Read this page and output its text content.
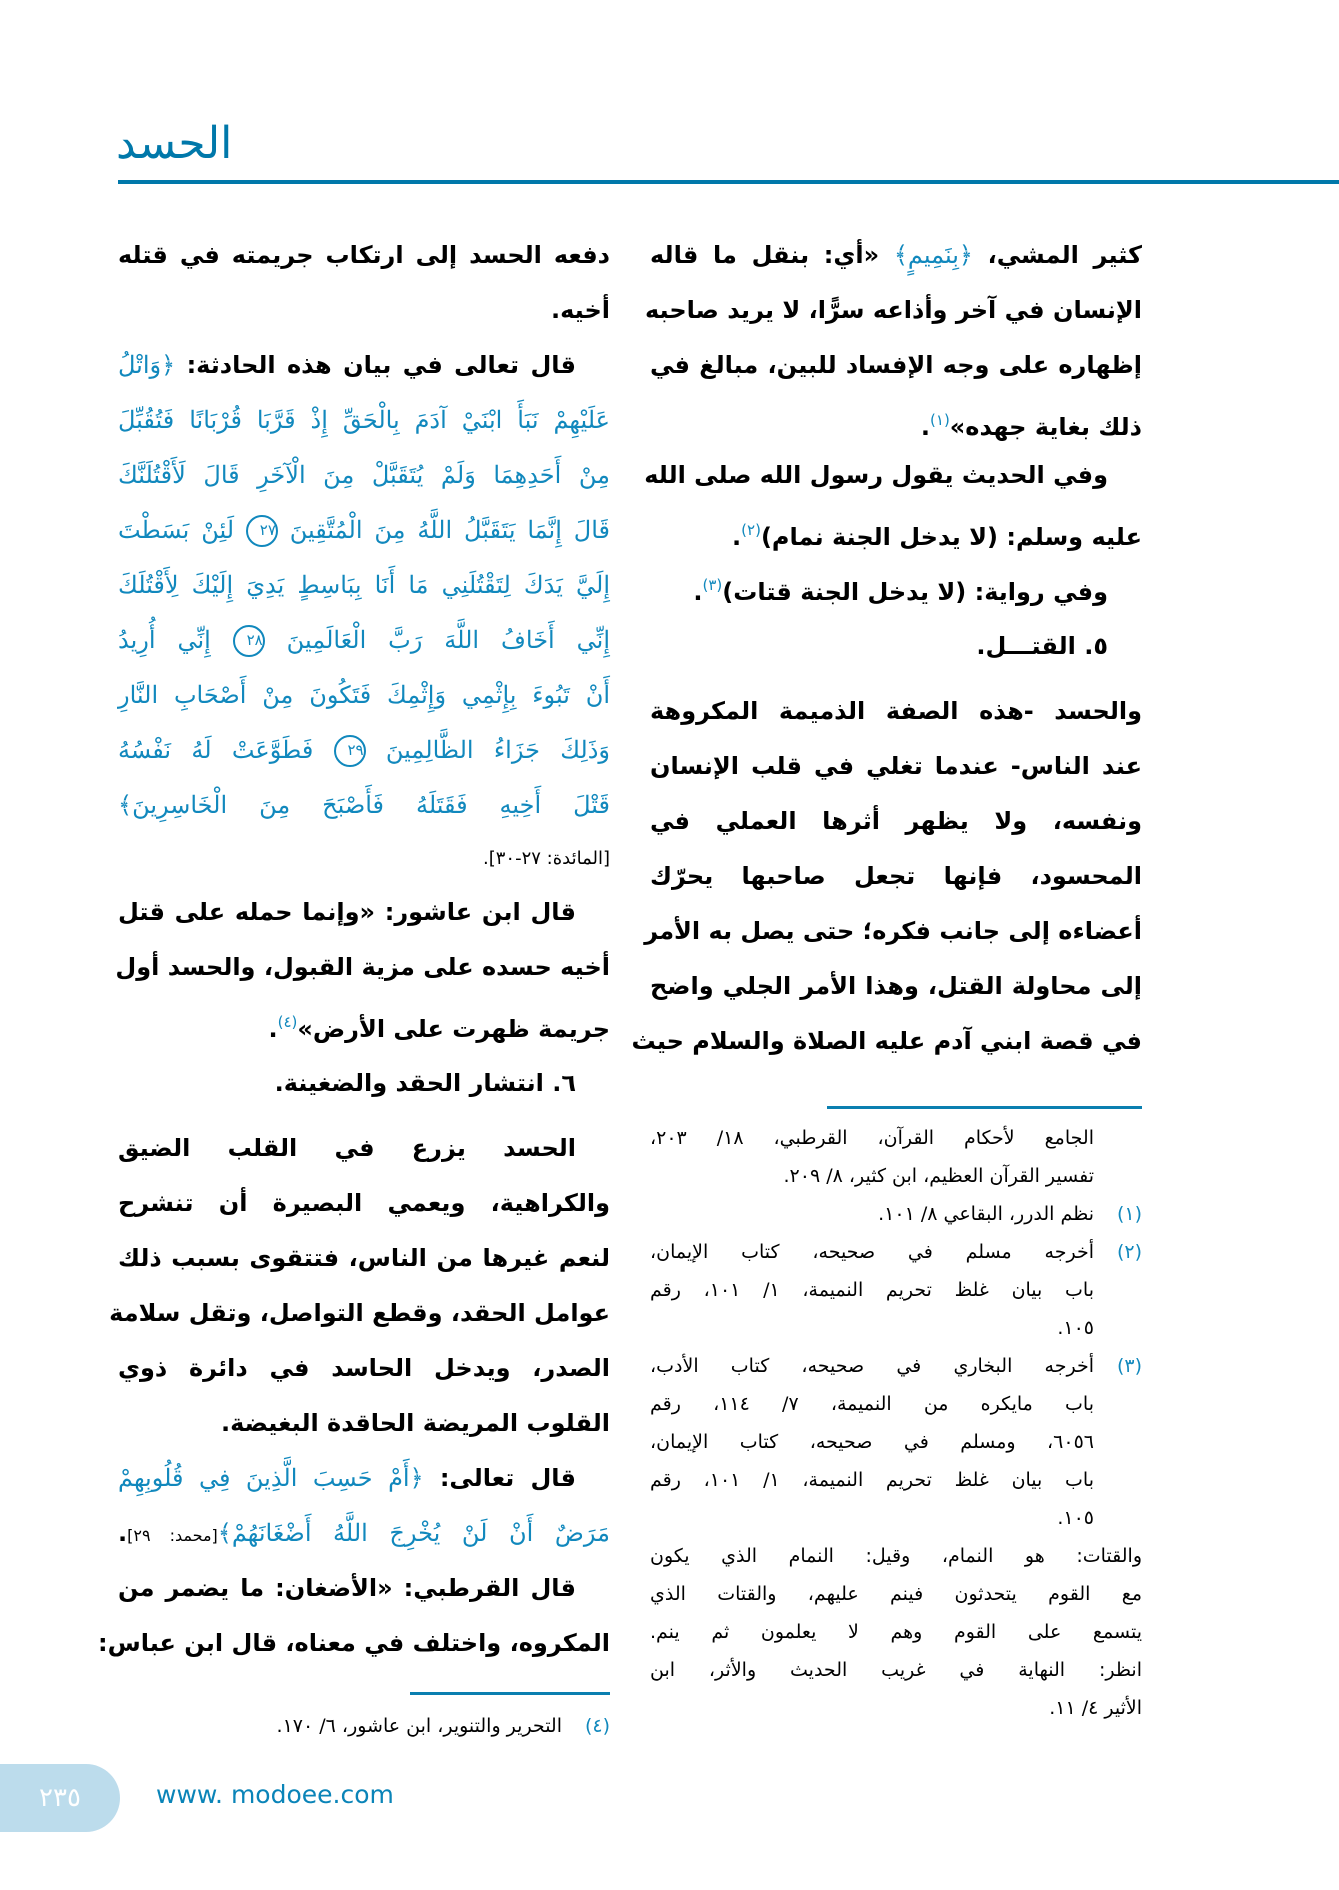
الحسد
كثير المشي، ﴿بِنَمِيمٍ﴾ «أي: بنقل ما قاله
الإنسان في آخر وأذاعه سرًّا، لا يريد صاحبه
إظهاره على وجه الإفساد للبين، مبالغ في
ذلك بغاية جهده»$^{(١)}$.
وفي الحديث يقول رسول الله صلى الله
عليه وسلم: (لا يدخل الجنة نمام)$^{(٢)}$.
وفي رواية: (لا يدخل الجنة قتات)$^{(٣)}$.
٥. القتـــل.
والحسد -هذه الصفة الذميمة المكروهة
عند الناس- عندما تغلي في قلب الإنسان
ونفسه، ولا يظهر أثرها العملي في
المحسود، فإنها تجعل صاحبها يحرّك
أعضاءه إلى جانب فكره؛ حتى يصل به الأمر
إلى محاولة القتل، وهذا الأمر الجلي واضح
في قصة ابني آدم عليه الصلاة والسلام حيث
دفعه الحسد إلى ارتكاب جريمته في قتله
أخيه.
قال تعالى في بيان هذه الحادثة: ﴿وَاتْلُ
عَلَيْهِمْ نَبَأَ ابْنَيْ آدَمَ بِالْحَقِّ إِذْ قَرَّبَا قُرْبَانًا فَتُقُبِّلَ
مِنْ أَحَدِهِمَا وَلَمْ يُتَقَبَّلْ مِنَ الْآخَرِ قَالَ لَأَقْتُلَنَّكَ
قَالَ إِنَّمَا يَتَقَبَّلُ اللَّهُ مِنَ الْمُتَّقِينَ ٢٧ لَئِنْ بَسَطْتَ
إِلَيَّ يَدَكَ لِتَقْتُلَنِي مَا أَنَا بِبَاسِطٍ يَدِيَ إِلَيْكَ لِأَقْتُلَكَ
إِنِّي أَخَافُ اللَّهَ رَبَّ الْعَالَمِينَ ٢٨ إِنِّي أُرِيدُ
أَنْ تَبُوءَ بِإِثْمِي وَإِثْمِكَ فَتَكُونَ مِنْ أَصْحَابِ النَّارِ
وَذَلِكَ جَزَاءُ الظَّالِمِينَ ٢٩ فَطَوَّعَتْ لَهُ نَفْسُهُ
قَتْلَ أَخِيهِ فَقَتَلَهُ فَأَصْبَحَ مِنَ الْخَاسِرِينَ﴾
[المائدة: ٢٧-٣٠].
قال ابن عاشور: «وإنما حمله على قتل
أخيه حسده على مزية القبول، والحسد أول
جريمة ظهرت على الأرض»$^{(٤)}$.
٦. انتشار الحقد والضغينة.
الحسد يزرع في القلب الضيق
والكراهية، ويعمي البصيرة أن تنشرح
لنعم غيرها من الناس، فتتقوى بسبب ذلك
عوامل الحقد، وقطع التواصل، وتقل سلامة
الصدر، ويدخل الحاسد في دائرة ذوي
القلوب المريضة الحاقدة البغيضة.
قال تعالى: ﴿أَمْ حَسِبَ الَّذِينَ فِي قُلُوبِهِمْ
مَرَضٌ أَنْ لَنْ يُخْرِجَ اللَّهُ أَضْغَانَهُمْ﴾[محمد: ٢٩].
قال القرطبي: «الأضغان: ما يضمر من
المكروه، واختلف في معناه، قال ابن عباس:
الجامع لأحكام القرآن، القرطبي، ١٨/ ٢٠٣،
تفسير القرآن العظيم، ابن كثير، ٨/ ٢٠٩.
(١)
نظم الدرر، البقاعي ٨/ ١٠١.
(٢)
أخرجه مسلم في صحيحه، كتاب الإيمان،
باب بيان غلظ تحريم النميمة، ١/ ١٠١، رقم
١٠٥.
(٣)
أخرجه البخاري في صحيحه، كتاب الأدب،
باب مايكره من النميمة، ٧/ ١١٤، رقم
٦٠٥٦، ومسلم في صحيحه، كتاب الإيمان،
باب بيان غلظ تحريم النميمة، ١/ ١٠١، رقم
١٠٥.
والقتات: هو النمام، وقيل: النمام الذي يكون
مع القوم يتحدثون فينم عليهم، والقتات الذي
يتسمع على القوم وهم لا يعلمون ثم ينم.
انظر: النهاية في غريب الحديث والأثر، ابن
الأثير ٤/ ١١.
(٤)
التحرير والتنوير، ابن عاشور، ٦/ ١٧٠.
٢٣٥	www. modoee.com
